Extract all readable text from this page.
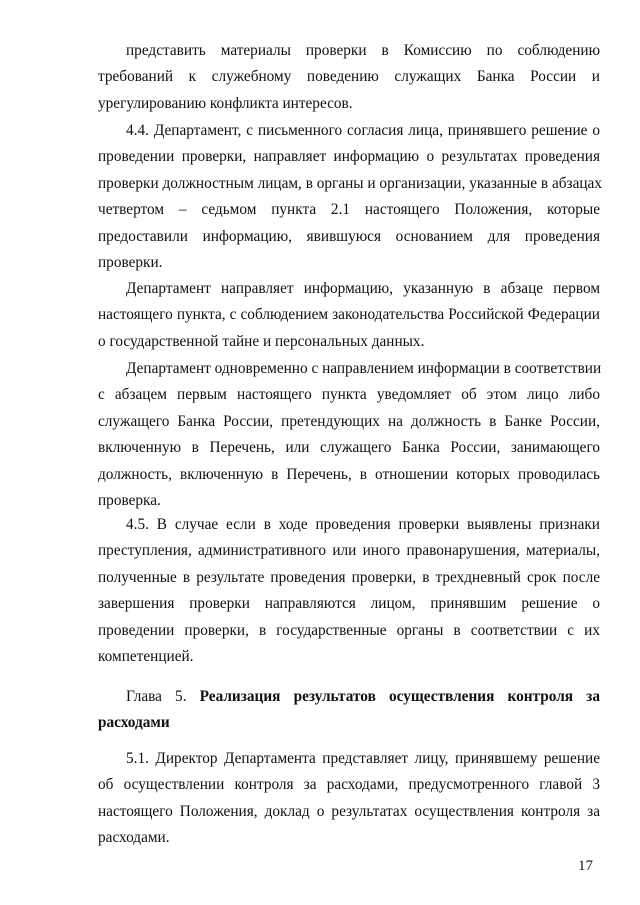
представить материалы проверки в Комиссию по соблюдению
требований к служебному поведению служащих Банка России и
урегулированию конфликта интересов.
4.4. Департамент, с письменного согласия лица, принявшего решение о
проведении проверки, направляет информацию о результатах проведения
проверки должностным лицам, в органы и организации, указанные в абзацах
четвертом – седьмом пункта 2.1 настоящего Положения, которые
предоставили информацию, явившуюся основанием для проведения
проверки.
Департамент направляет информацию, указанную в абзаце первом
настоящего пункта, с соблюдением законодательства Российской Федерации
о государственной тайне и персональных данных.
Департамент одновременно с направлением информации в соответствии
с абзацем первым настоящего пункта уведомляет об этом лицо либо
служащего Банка России, претендующих на должность в Банке России,
включенную в Перечень, или служащего Банка России, занимающего
должность, включенную в Перечень, в отношении которых проводилась
проверка.
4.5. В случае если в ходе проведения проверки выявлены признаки
преступления, административного или иного правонарушения, материалы,
полученные в результате проведения проверки, в трехдневный срок после
завершения проверки направляются лицом, принявшим решение о
проведении проверки, в государственные органы в соответствии с их
компетенцией.
Глава 5. Реализация результатов осуществления контроля за
расходами
5.1. Директор Департамента представляет лицу, принявшему решение
об осуществлении контроля за расходами, предусмотренного главой 3
настоящего Положения, доклад о результатах осуществления контроля за
расходами.
17
